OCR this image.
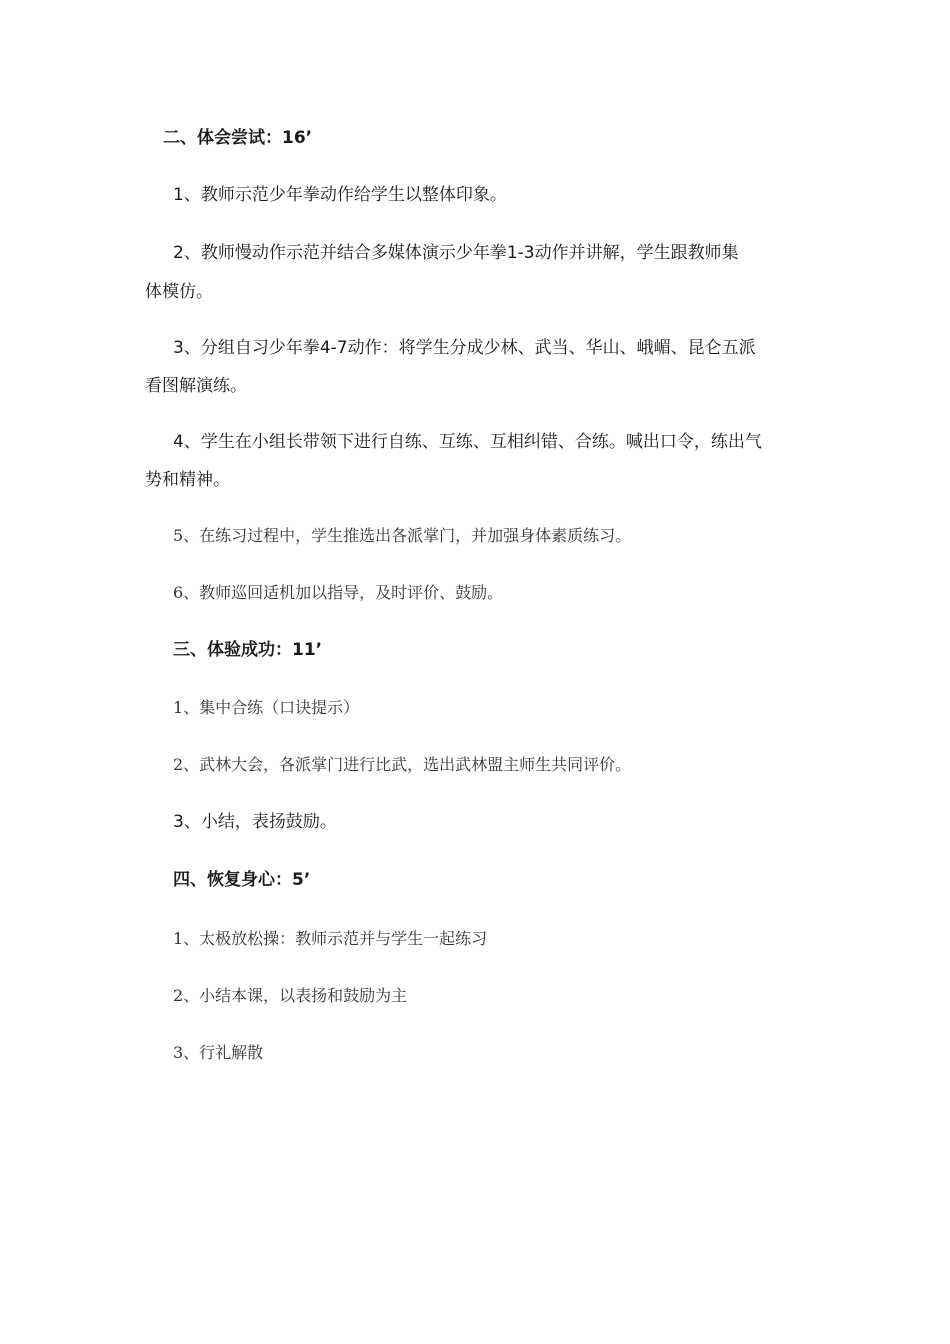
二、体会尝试：16’
1、教师示范少年拳动作给学生以整体印象。
2、教师慢动作示范并结合多媒体演示少年拳1-3动作并讲解，学生跟教师集
体模仿。
3、分组自习少年拳4-7动作：将学生分成少林、武当、华山、峨嵋、昆仑五派
看图解演练。
4、学生在小组长带领下进行自练、互练、互相纠错、合练。喊出口令，练出气
势和精神。
5、在练习过程中，学生推选出各派掌门，并加强身体素质练习。
6、教师巡回适机加以指导，及时评价、鼓励。
三、体验成功：11’
1、集中合练（口诀提示）
2、武林大会，各派掌门进行比武，选出武林盟主师生共同评价。
3、小结，表扬鼓励。
四、恢复身心：5’
1、太极放松操：教师示范并与学生一起练习
2、小结本课，以表扬和鼓励为主
3、行礼解散
